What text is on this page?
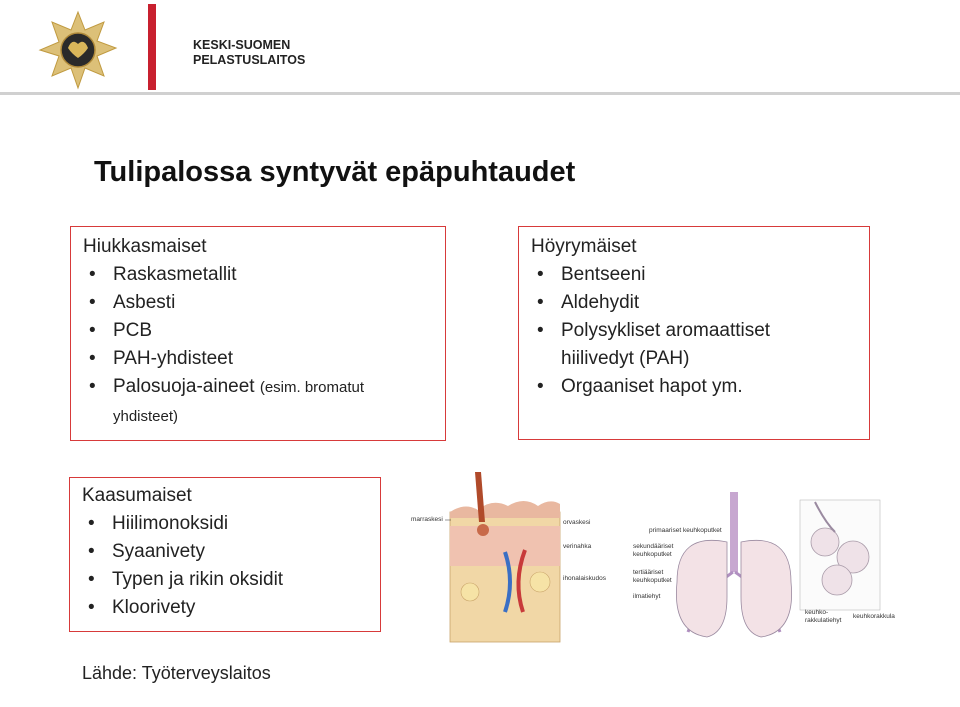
KESKI-SUOMEN
PELASTUSLAITOS
Tulipalossa syntyvät epäpuhtaudet
Hiukkasmaiset
• Raskasmetallit
• Asbesti
• PCB
• PAH-yhdisteet
• Palosuoja-aineet (esim. bromatut
yhdisteet)
Höyrymäiset
• Bentseeni
• Aldehydit
• Polysykliset aromaattiset
hiilivedyt (PAH)
• Orgaaniset hapot ym.
Kaasumaiset
• Hiilimonoksidi
• Syaanivety
• Typen ja rikin oksidit
• Kloorivety
marraskesi	orvaskesi
verinahka
ihonalaiskudos
primaariset keuhkoputket
sekundääriset
keuhkoputket
tertiääriset
keuhkoputket
ilmatiehyt
keuhko-
rakkulatiehyt
keuhkorakkula
Lähde: Työterveyslaitos
